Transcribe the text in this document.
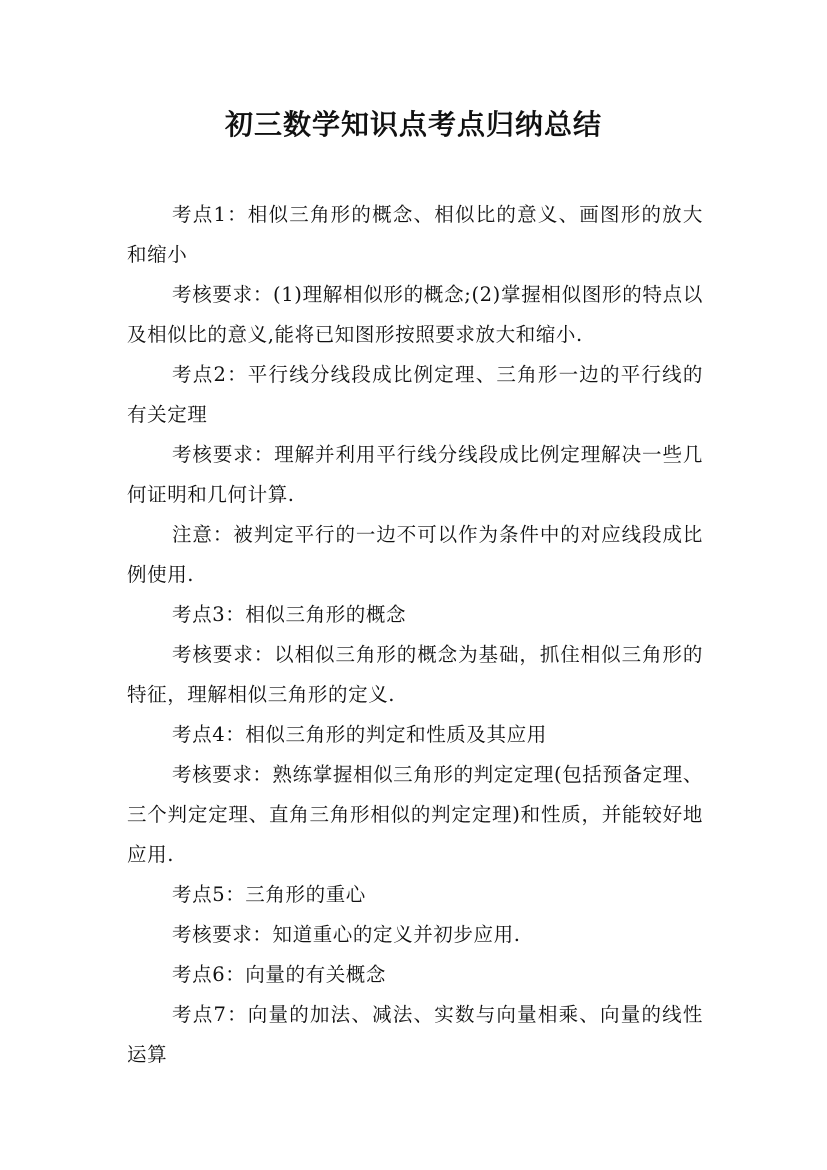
初三数学知识点考点归纳总结

考点1：相似三角形的概念、相似比的意义、画图形的放大和缩小

考核要求：(1)理解相似形的概念;(2)掌握相似图形的特点以及相似比的意义,能将已知图形按照要求放大和缩小.

考点2：平行线分线段成比例定理、三角形一边的平行线的有关定理

考核要求：理解并利用平行线分线段成比例定理解决一些几何证明和几何计算.

注意：被判定平行的一边不可以作为条件中的对应线段成比例使用.

考点3：相似三角形的概念

考核要求：以相似三角形的概念为基础，抓住相似三角形的特征，理解相似三角形的定义.

考点4：相似三角形的判定和性质及其应用

考核要求：熟练掌握相似三角形的判定定理(包括预备定理、三个判定定理、直角三角形相似的判定定理)和性质，并能较好地应用.

考点5：三角形的重心

考核要求：知道重心的定义并初步应用.

考点6：向量的有关概念

考点7：向量的加法、减法、实数与向量相乘、向量的线性运算
